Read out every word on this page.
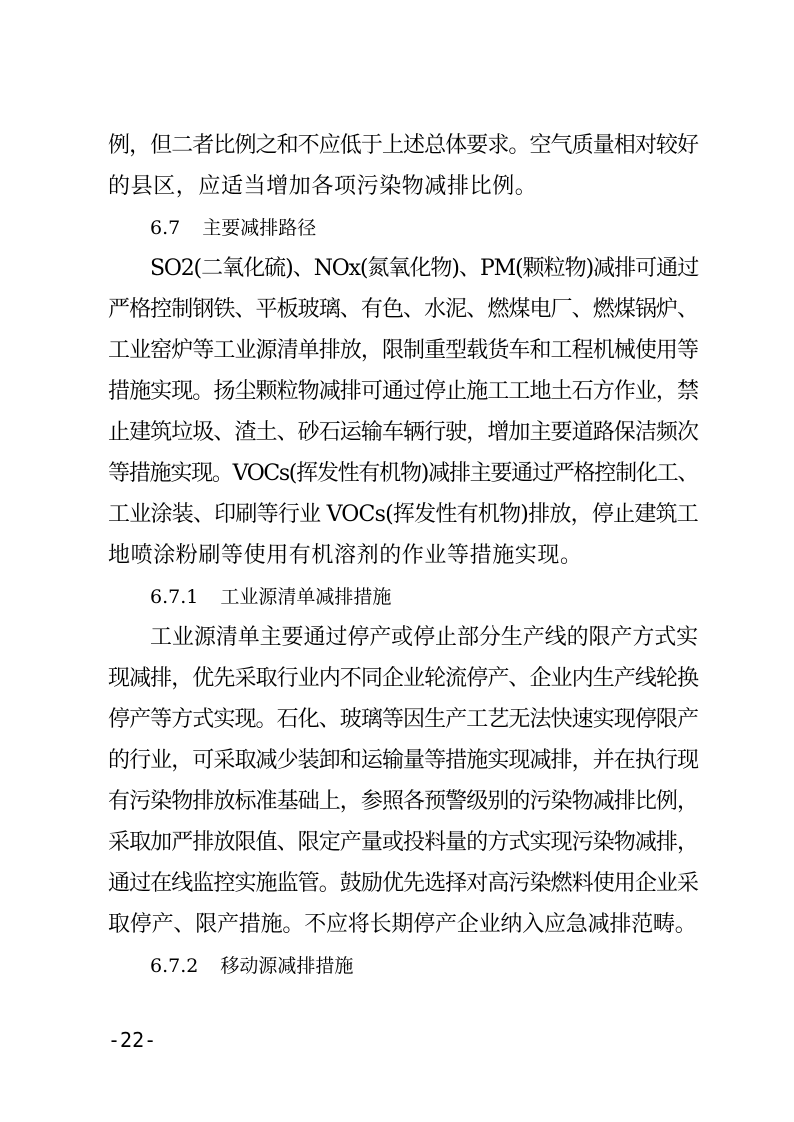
例，但二者比例之和不应低于上述总体要求。空气质量相对较好
的县区，应适当增加各项污染物减排比例。
6.7 主要减排路径
SO2(二氧化硫)、NOx(氮氧化物)、PM(颗粒物)减排可通过
严格控制钢铁、平板玻璃、有色、水泥、燃煤电厂、燃煤锅炉、
工业窑炉等工业源清单排放，限制重型载货车和工程机械使用等
措施实现。扬尘颗粒物减排可通过停止施工工地土石方作业，禁
止建筑垃圾、渣土、砂石运输车辆行驶，增加主要道路保洁频次
等措施实现。VOCs(挥发性有机物)减排主要通过严格控制化工、
工业涂装、印刷等行业 VOCs(挥发性有机物)排放，停止建筑工
地喷涂粉刷等使用有机溶剂的作业等措施实现。
6.7.1 工业源清单减排措施
工业源清单主要通过停产或停止部分生产线的限产方式实
现减排，优先采取行业内不同企业轮流停产、企业内生产线轮换
停产等方式实现。石化、玻璃等因生产工艺无法快速实现停限产
的行业，可采取减少装卸和运输量等措施实现减排，并在执行现
有污染物排放标准基础上，参照各预警级别的污染物减排比例，
采取加严排放限值、限定产量或投料量的方式实现污染物减排，
通过在线监控实施监管。鼓励优先选择对高污染燃料使用企业采
取停产、限产措施。不应将长期停产企业纳入应急减排范畴。
6.7.2 移动源减排措施
-22-
